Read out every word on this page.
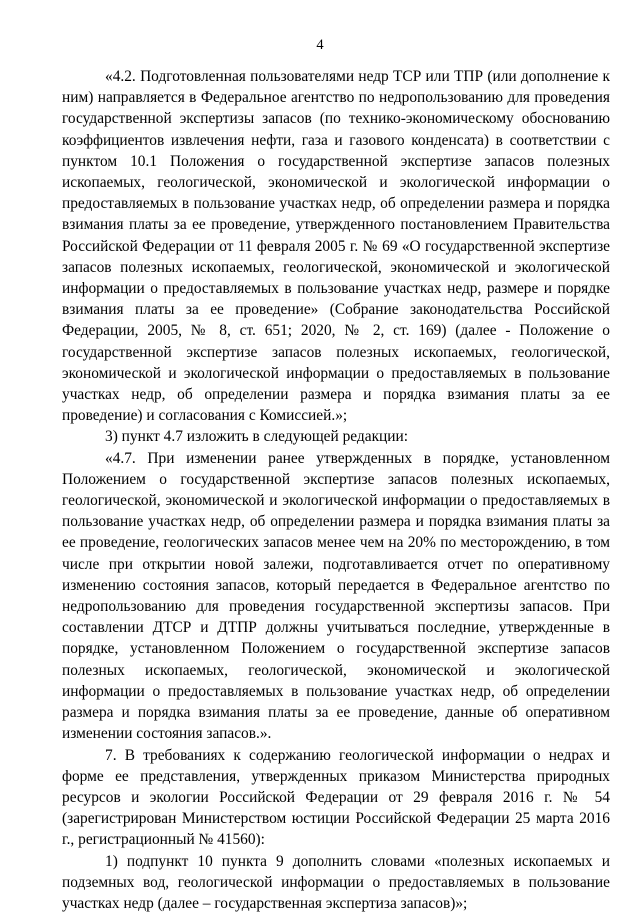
4

«4.2. Подготовленная пользователями недр ТСР или ТПР (или дополнение к ним) направляется в Федеральное агентство по недропользованию для проведения государственной экспертизы запасов (по технико-экономическому обоснованию коэффициентов извлечения нефти, газа и газового конденсата) в соответствии с пунктом 10.1 Положения о государственной экспертизе запасов полезных ископаемых, геологической, экономической и экологической информации о предоставляемых в пользование участках недр, об определении размера и порядка взимания платы за ее проведение, утвержденного постановлением Правительства Российской Федерации от 11 февраля 2005 г. № 69 «О государственной экспертизе запасов полезных ископаемых, геологической, экономической и экологической информации о предоставляемых в пользование участках недр, размере и порядке взимания платы за ее проведение» (Собрание законодательства Российской Федерации, 2005, № 8, ст. 651; 2020, № 2, ст. 169) (далее - Положение о государственной экспертизе запасов полезных ископаемых, геологической, экономической и экологической информации о предоставляемых в пользование участках недр, об определении размера и порядка взимания платы за ее проведение) и согласования с Комиссией.»;

3) пункт 4.7 изложить в следующей редакции:

«4.7. При изменении ранее утвержденных в порядке, установленном Положением о государственной экспертизе запасов полезных ископаемых, геологической, экономической и экологической информации о предоставляемых в пользование участках недр, об определении размера и порядка взимания платы за ее проведение, геологических запасов менее чем на 20% по месторождению, в том числе при открытии новой залежи, подготавливается отчет по оперативному изменению состояния запасов, который передается в Федеральное агентство по недропользованию для проведения государственной экспертизы запасов. При составлении ДТСР и ДТПР должны учитываться последние, утвержденные в порядке, установленном Положением о государственной экспертизе запасов полезных ископаемых, геологической, экономической и экологической информации о предоставляемых в пользование участках недр, об определении размера и порядка взимания платы за ее проведение, данные об оперативном изменении состояния запасов.».

7. В требованиях к содержанию геологической информации о недрах и форме ее представления, утвержденных приказом Министерства природных ресурсов и экологии Российской Федерации от 29 февраля 2016 г. № 54 (зарегистрирован Министерством юстиции Российской Федерации 25 марта 2016 г., регистрационный № 41560):

1) подпункт 10 пункта 9 дополнить словами «полезных ископаемых и подземных вод, геологической информации о предоставляемых в пользование участках недр (далее – государственная экспертиза запасов)»;
